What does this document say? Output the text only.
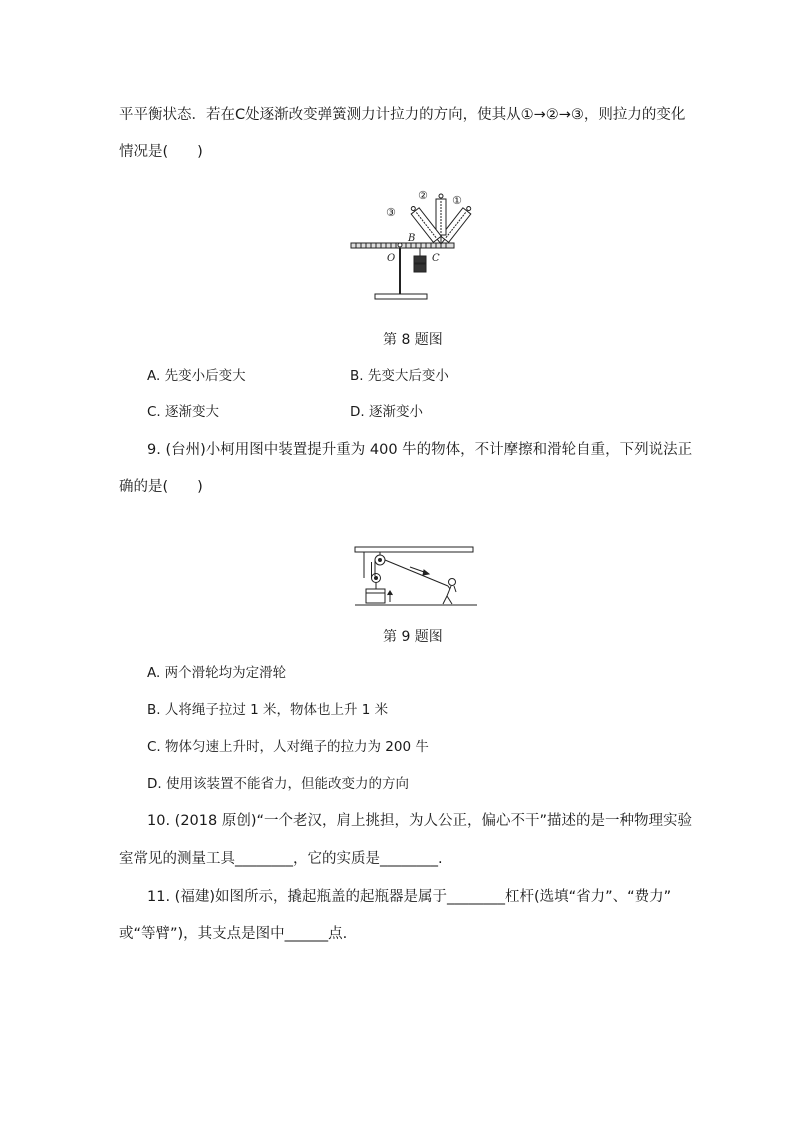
平平衡状态．若在C处逐渐改变弹簧测力计拉力的方向，使其从①→②→③，则拉力的变化
情况是(　　)
O
B
C
①
②
③
第 8 题图
A. 先变小后变大	B. 先变大后变小
C. 逐渐变大	D. 逐渐变小
9. (台州)小柯用图中装置提升重为 400 牛的物体，不计摩擦和滑轮自重，下列说法正
确的是(　　)
第 9 题图
A. 两个滑轮均为定滑轮
B. 人将绳子拉过 1 米，物体也上升 1 米
C. 物体匀速上升时，人对绳子的拉力为 200 牛
D. 使用该装置不能省力，但能改变力的方向
10. (2018 原创)“一个老汉，肩上挑担，为人公正，偏心不干”描述的是一种物理实验
室常见的测量工具________，它的实质是________.
11. (福建)如图所示，撬起瓶盖的起瓶器是属于________杠杆(选填“省力”、“费力”
或“等臂”)，其支点是图中______点.
